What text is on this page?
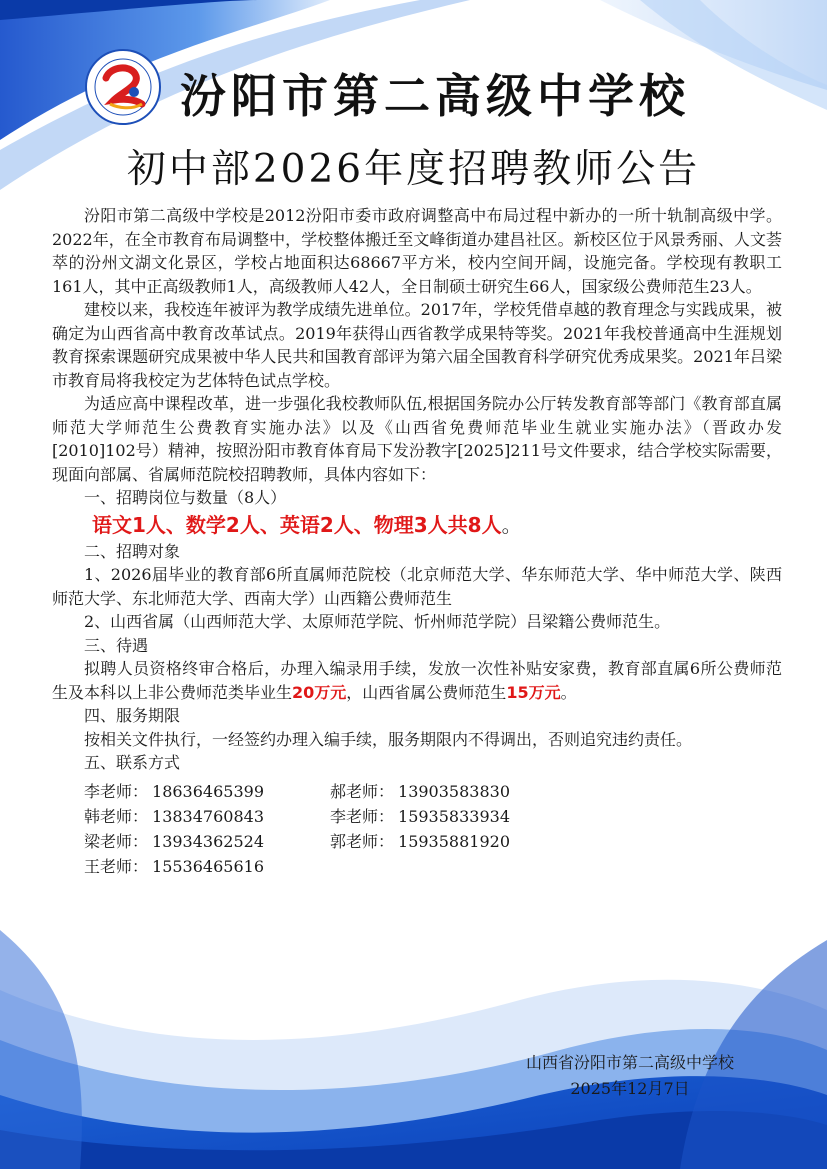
汾阳市第二高级中学校
初中部2026年度招聘教师公告

汾阳市第二高级中学校是2012汾阳市委市政府调整高中布局过程中新办的一所十轨制高级中学。2022年，在全市教育布局调整中，学校整体搬迁至文峰街道办建昌社区。新校区位于风景秀丽、人文荟萃的汾州文湖文化景区，学校占地面积达68667平方米，校内空间开阔，设施完备。学校现有教职工161人，其中正高级教师1人，高级教师人42人，全日制硕士研究生66人，国家级公费师范生23人。

建校以来，我校连年被评为教学成绩先进单位。2017年，学校凭借卓越的教育理念与实践成果，被确定为山西省高中教育改革试点。2019年获得山西省教学成果特等奖。2021年我校普通高中生涯规划教育探索课题研究成果被中华人民共和国教育部评为第六届全国教育科学研究优秀成果奖。2021年吕梁市教育局将我校定为艺体特色试点学校。

为适应高中课程改革，进一步强化我校教师队伍,根据国务院办公厅转发教育部等部门《教育部直属师范大学师范生公费教育实施办法》以及《山西省免费师范毕业生就业实施办法》（晋政办发[2010]102号）精神，按照汾阳市教育体育局下发汾教字[2025]211号文件要求，结合学校实际需要，现面向部属、省属师范院校招聘教师，具体内容如下：

一、招聘岗位与数量（8人）

语文1人、数学2人、英语2人、物理3人共8人。

二、招聘对象

1、2026届毕业的教育部6所直属师范院校（北京师范大学、华东师范大学、华中师范大学、陕西师范大学、东北师范大学、西南大学）山西籍公费师范生

2、山西省属（山西师范大学、太原师范学院、忻州师范学院）吕梁籍公费师范生。

三、待遇

拟聘人员资格终审合格后，办理入编录用手续，发放一次性补贴安家费，教育部直属6所公费师范生及本科以上非公费师范类毕业生20万元，山西省属公费师范生15万元。

四、服务期限

按相关文件执行，一经签约办理入编手续，服务期限内不得调出，否则追究违约责任。

五、联系方式

李老师： 18636465399	郝老师： 13903583830
韩老师： 13834760843	李老师： 15935833934
梁老师： 13934362524	郭老师： 15935881920
王老师： 15536465616
山西省汾阳市第二高级中学校
2025年12月7日
